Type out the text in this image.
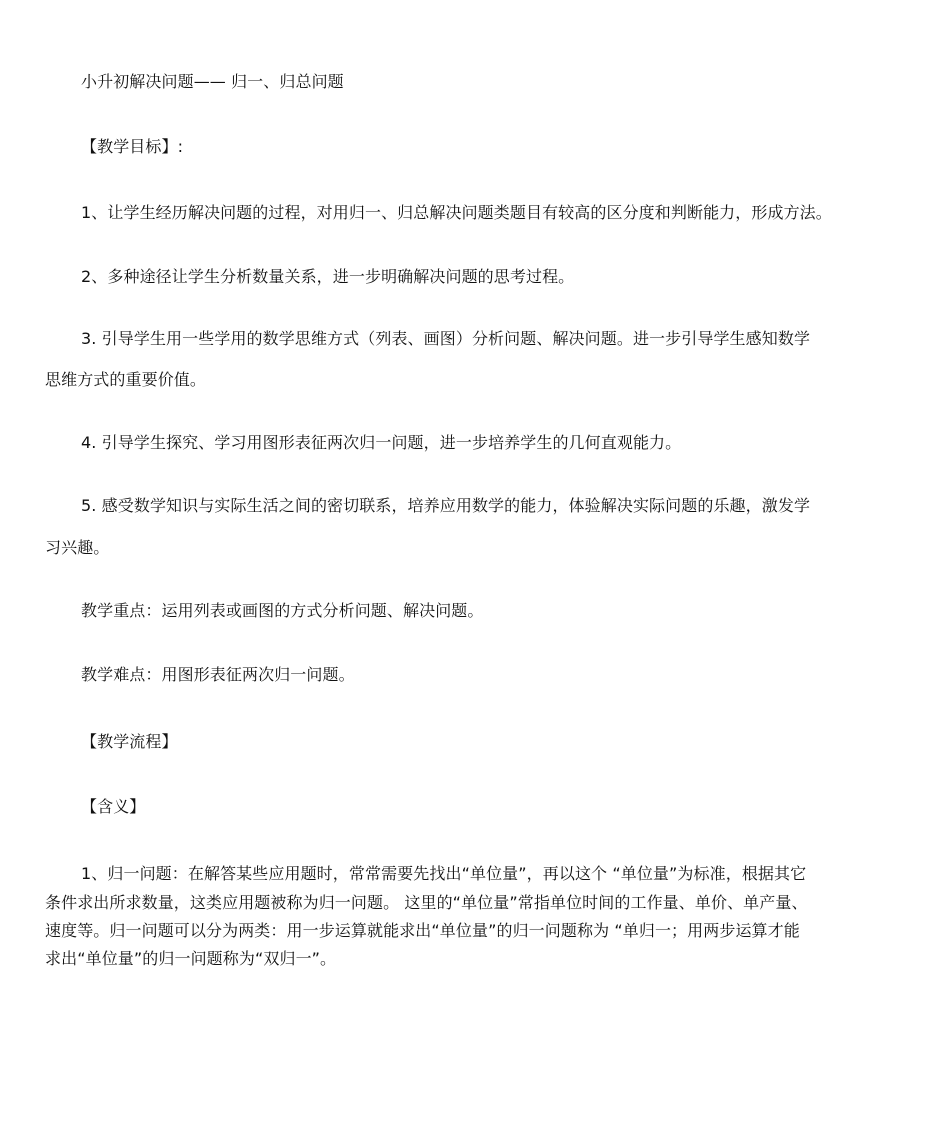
小升初解决问题—— 归一、归总问题
【教学目标】:
1、让学生经历解决问题的过程，对用归一、归总解决问题类题目有较高的区分度和判断能力，形成方法。
2、多种途径让学生分析数量关系，进一步明确解决问题的思考过程。
3. 引导学生用一些学用的数学思维方式（列表、画图）分析问题、解决问题。进一步引导学生感知数学
思维方式的重要价值。
4. 引导学生探究、学习用图形表征两次归一问题，进一步培养学生的几何直观能力。
5. 感受数学知识与实际生活之间的密切联系，培养应用数学的能力，体验解决实际问题的乐趣，激发学
习兴趣。
教学重点：运用列表或画图的方式分析问题、解决问题。
教学难点：用图形表征两次归一问题。
【教学流程】
【含义】
1、归一问题：在解答某些应用题时，常常需要先找出“单位量”，再以这个 “单位量”为标准，根据其它
条件求出所求数量，这类应用题被称为归一问题。 这里的“单位量”常指单位时间的工作量、单价、单产量、
速度等。归一问题可以分为两类：用一步运算就能求出“单位量”的归一问题称为 “单归一；用两步运算才能
求出“单位量”的归一问题称为“双归一”。
